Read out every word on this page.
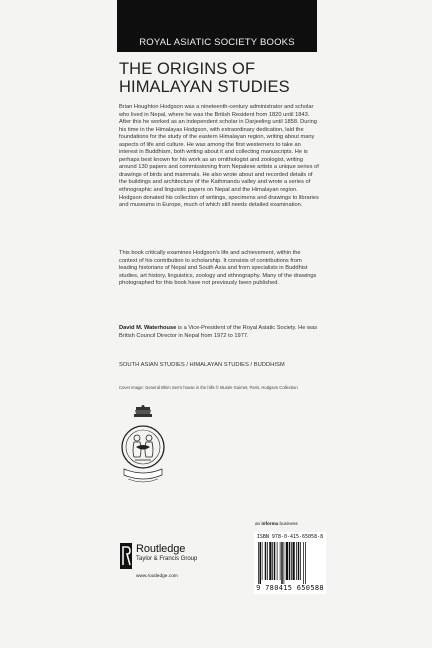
ROYAL ASIATIC SOCIETY BOOKS
THE ORIGINS OF
HIMALAYAN STUDIES

Brian Houghton Hodgson was a nineteenth-century administrator and scholar who lived in Nepal, where he was the British Resident from 1820 until 1843. After this he worked as an independent scholar in Darjeeling until 1858. During his time in the Himalayas Hodgson, with extraordinary dedication, laid the foundations for the study of the eastern Himalayan region, writing about many aspects of life and culture. He was among the first westerners to take an interest in Buddhism, both writing about it and collecting manuscripts. He is perhaps best known for his work as an ornithologist and zoologist, writing around 130 papers and commissioning from Nepalese artists a unique series of drawings of birds and mammals. He also wrote about and recorded details of the buildings and architecture of the Kathmandu valley and wrote a series of ethnographic and linguistic papers on Nepal and the Himalayan region. Hodgson donated his collection of writings, specimens and drawings to libraries and museums in Europe, much of which still needs detailed examination.

This book critically examines Hodgson's life and achievement, within the context of his contribution to scholarship. It consists of contributions from leading historians of Nepal and South Asia and from specialists in Buddhist studies, art history, linguistics, zoology and ethnography. Many of the drawings photographed for this book have not previously been published.

David M. Waterhouse is a Vice-President of the Royal Asiatic Society. He was British Council Director in Nepal from 1972 to 1977.

SOUTH ASIAN STUDIES / HIMALAYAN STUDIES / BUDDHISM
Cover image: General Bhim Sen's house in the hills © Musée Guimet, Paris, Hodgson Collection
an informa business
Routledge
Taylor & Francis Group
www.routledge.com
ISBN 978-0-415-65058-8
9 780415 650588
